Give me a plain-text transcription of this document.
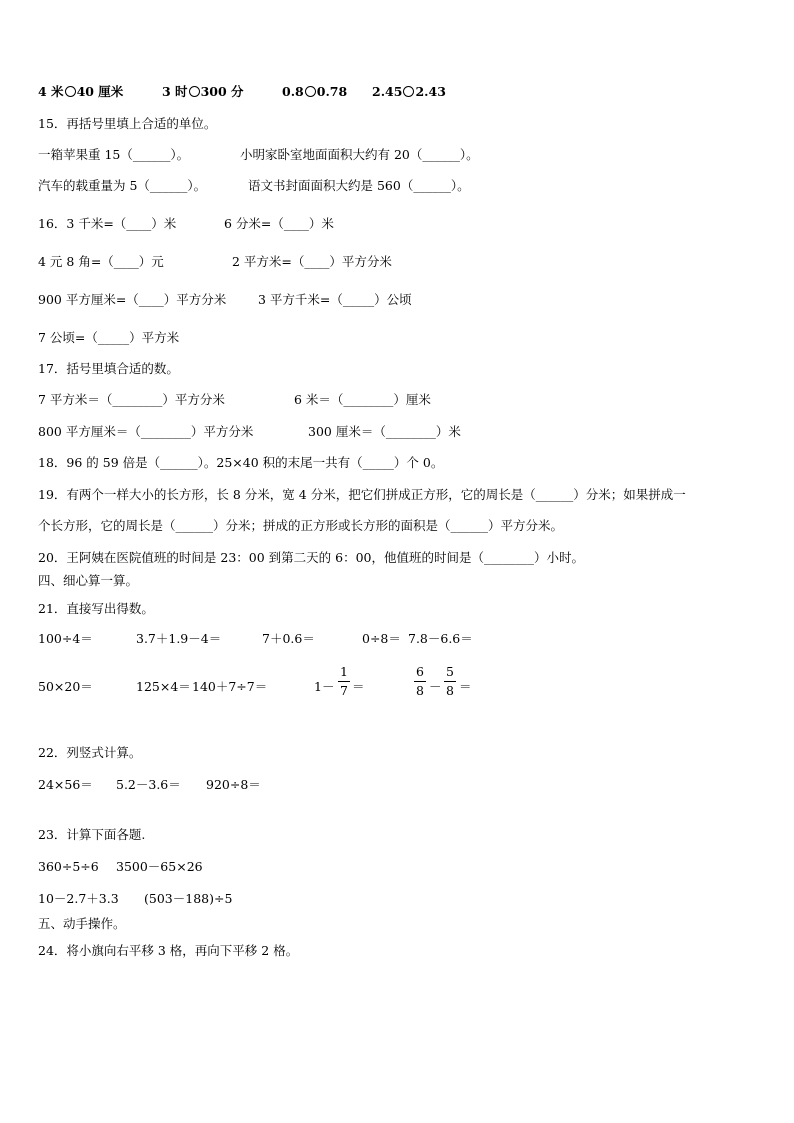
4 米 40 厘米	3 时 300 分	0.8 0.78 2.45 2.43
15．再括号里填上合适的单位。
一箱苹果重 15（______）。	小明家卧室地面面积大约有 20（______）。
汽车的载重量为 5（______）。	语文书封面面积大约是 560（______）。
16．3 千米=（____）米	6 分米=（____）米
4 元 8 角=（____）元	2 平方米=（____）平方分米
900 平方厘米=（____）平方分米	3 平方千米=（_____）公顷
7 公顷=（_____）平方米
17．括号里填合适的数。
7 平方米＝（________）平方分米	6 米＝（________）厘米
800 平方厘米＝（________）平方分米	300 厘米＝（________）米
18．96 的 59 倍是（______）。25×40 积的末尾一共有（_____）个 0。
19．有两个一样大小的长方形，长 8 分米，宽 4 分米，把它们拼成正方形，它的周长是（______）分米；如果拼成一
个长方形，它的周长是（______）分米；拼成的正方形或长方形的面积是（______）平方分米。
20．王阿姨在医院值班的时间是 23：00 到第二天的 6：00，他值班的时间是（________）小时。
四、细心算一算。
21．直接写出得数。
100÷4＝	3.7＋1.9－4＝	7＋0.6＝	0÷8＝ 7.8－6.6＝
50×20＝	125×4＝ 140＋7÷7＝	1－
1
7 ＝
6
8 －
5
8 ＝
22．列竖式计算。
24×56＝ 5.2－3.6＝ 920÷8＝
23．计算下面各题.
360÷5÷6 3500－65×26
10－2.7＋3.3 (503－188)÷5
五、动手操作。
24．将小旗向右平移 3 格，再向下平移 2 格。
